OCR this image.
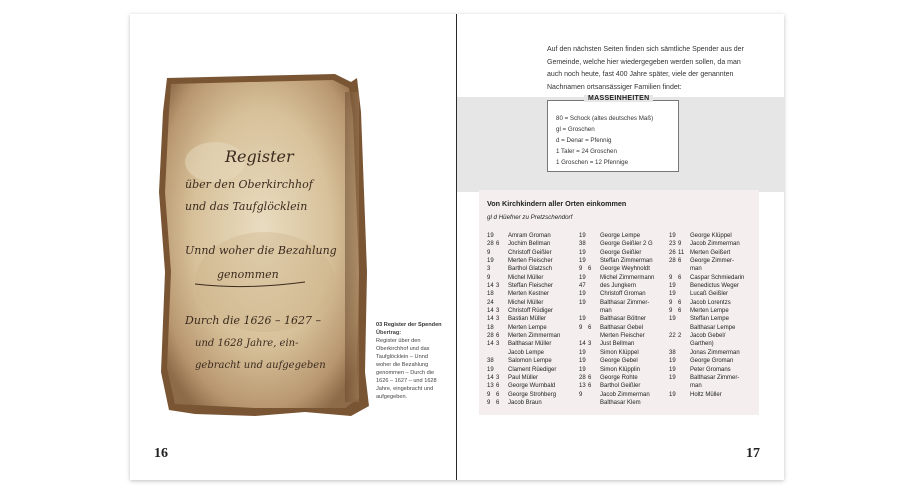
Register
über den Oberkirchhof
und das Taufglöcklein
Unnd woher die Bezahlung
genommen
Durch die 1626 – 1627 –
und 1628 Jahre, ein-
gebracht und aufgegeben
03 Register der Spenden
Übertrag:
Register über den Oberkirchhof und das Taufglöcklein – Unnd woher die Bezahlung genommen – Durch die 1626 – 1627 – und 1628 Jahre, eingebracht und aufgegeben.
16
Auf den nächsten Seiten finden sich sämtliche Spender aus der Gemeinde, welche hier wiedergegeben werden sollen, da man auch noch heute, fast 400 Jahre später, viele der genannten Nachnamen ortsansässiger Familien findet:
MASSEINHEITEN
80 = Schock (altes deutsches Maß)
gl = Groschen
d = Denar = Pfennig
1 Taler = 24 Groschen
1 Groschen = 12 Pfennige
Von Kirchkindern aller Orten einkommen
gl d Hüefner zu Pretzschendorf
19	Amram Groman
28 6	Jochim Bellman
9	Christoff Geißler
19	Merten Fleischer
3	Barthol Glatzsch
9	Michel Müller
14 3	Steffan Fleischer
18	Merten Kestner
24	Michel Müller
14 3	Christoff Rüdiger
14 3	Bastian Müller
18	Merten Lempe
28 6	Merten Zimmerman
14 3	Balthasar Müller
Jacob Lempe
38	Salomon Lempe
19	Clament Rüediger
14 3	Paul Müller
13 6	George Wurnbald
9 6	George Strohberg
9 6	Jacob Braun
19	George Lempe
38	George Geißler 2 G
19	George Geißler
19	Steffan Zimmerman
9 6	George Weyhnoldt
19	Michel Zimmermann
47	des Jungkern
19	Christoff Groman
19	Balthasar Zimmer-
man
19	Balthasar Böltner
9 6	Balthasar Gebel
Merten Fleischer
14 3	Just Bellman
19	Simon Klüppel
19	George Gebel
19	Simon Klüpplin
28 6	George Rohte
13 6	Barthol Geißler
9	Jacob Zimmerman
Balthasar Klem
19	George Klüppel
23 9	Jacob Zimmerman
26 11 Merten Geißert
28 6	George Zimmer-
man
9 6	Caspar Schmiedarin
19	Benedictus Weger
19	Lucaß Geißler
9 6	Jacob Lorentzs
9 6	Merten Lempe
19	Steffan Lempe
Balthasar Lempe
22 2	Jacob Gebel/
Garthen)
38	Jonas Zimmerman
19	George Groman
19	Peter Gromans
19	Balthasar Zimmer-
man
19	Holtz Müller
17
